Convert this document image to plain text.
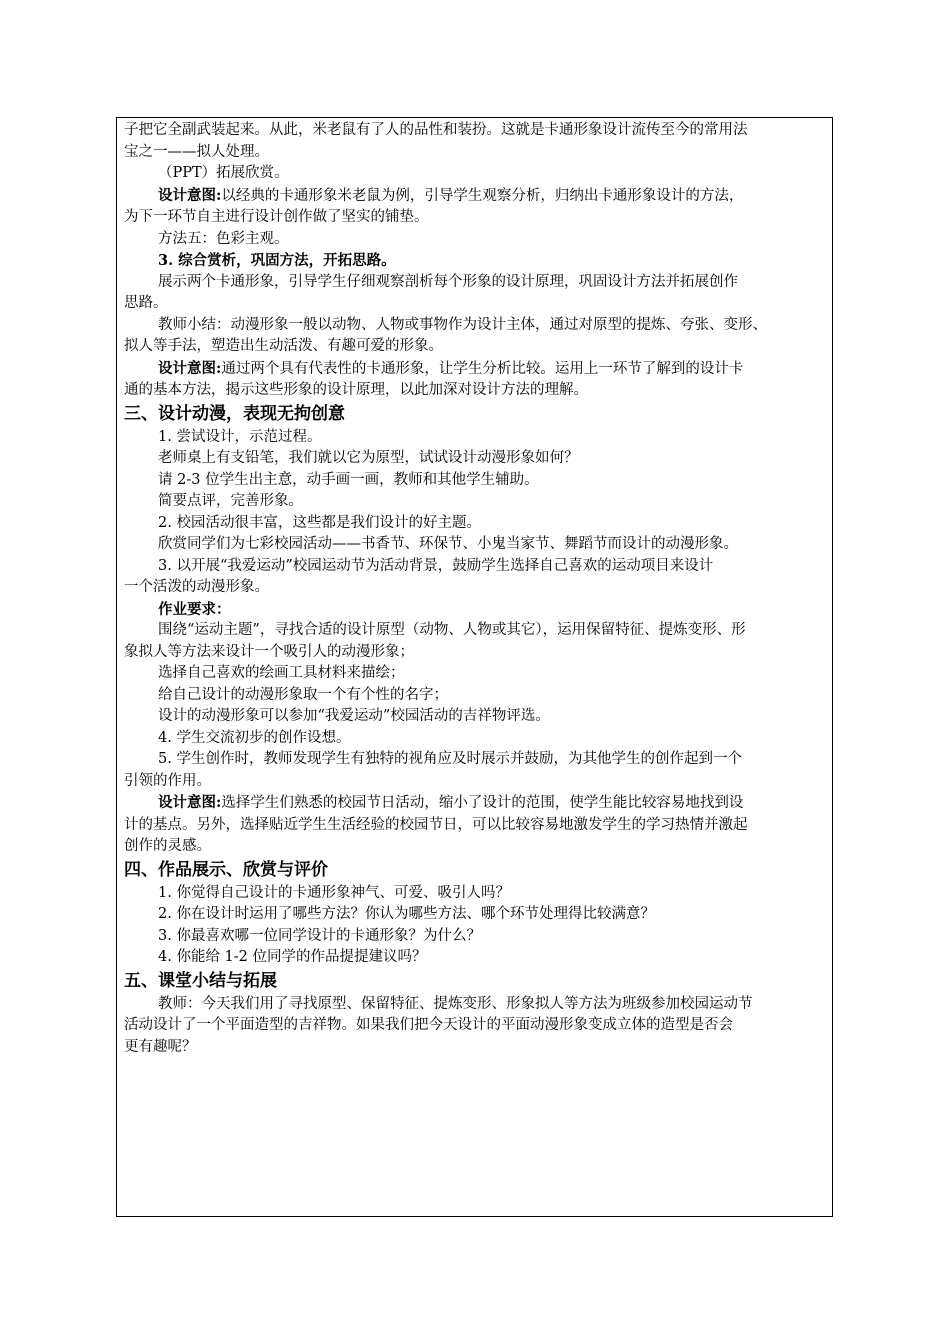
子把它全副武装起来。从此，米老鼠有了人的品性和装扮。这就是卡通形象设计流传至今的常用法

宝之一——拟人处理。

（PPT）拓展欣赏。

设计意图:以经典的卡通形象米老鼠为例，引导学生观察分析，归纳出卡通形象设计的方法，

为下一环节自主进行设计创作做了坚实的铺垫。

方法五：色彩主观。

3. 综合赏析，巩固方法，开拓思路。

展示两个卡通形象，引导学生仔细观察剖析每个形象的设计原理，巩固设计方法并拓展创作

思路。

教师小结：动漫形象一般以动物、人物或事物作为设计主体，通过对原型的提炼、夸张、变形、

拟人等手法，塑造出生动活泼、有趣可爱的形象。

设计意图:通过两个具有代表性的卡通形象，让学生分析比较。运用上一环节了解到的设计卡

通的基本方法，揭示这些形象的设计原理，以此加深对设计方法的理解。

三、设计动漫，表现无拘创意

1. 尝试设计，示范过程。

老师桌上有支铅笔，我们就以它为原型，试试设计动漫形象如何？

请 2-3 位学生出主意，动手画一画，教师和其他学生辅助。

简要点评，完善形象。

2. 校园活动很丰富，这些都是我们设计的好主题。

欣赏同学们为七彩校园活动——书香节、环保节、小鬼当家节、舞蹈节而设计的动漫形象。

3. 以开展“我爱运动”校园运动节为活动背景，鼓励学生选择自己喜欢的运动项目来设计

一个活泼的动漫形象。

作业要求：

围绕“运动主题”，寻找合适的设计原型（动物、人物或其它），运用保留特征、提炼变形、形

象拟人等方法来设计一个吸引人的动漫形象；

选择自己喜欢的绘画工具材料来描绘；

给自己设计的动漫形象取一个有个性的名字；

设计的动漫形象可以参加“我爱运动”校园活动的吉祥物评选。

4. 学生交流初步的创作设想。

5. 学生创作时，教师发现学生有独特的视角应及时展示并鼓励，为其他学生的创作起到一个

引领的作用。

设计意图:选择学生们熟悉的校园节日活动，缩小了设计的范围，使学生能比较容易地找到设

计的基点。另外，选择贴近学生生活经验的校园节日，可以比较容易地激发学生的学习热情并激起

创作的灵感。

四、作品展示、欣赏与评价

1. 你觉得自己设计的卡通形象神气、可爱、吸引人吗？

2. 你在设计时运用了哪些方法？你认为哪些方法、哪个环节处理得比较满意？

3. 你最喜欢哪一位同学设计的卡通形象？为什么？

4. 你能给 1-2 位同学的作品提提建议吗？

五、课堂小结与拓展

教师：今天我们用了寻找原型、保留特征、提炼变形、形象拟人等方法为班级参加校园运动节

活动设计了一个平面造型的吉祥物。如果我们把今天设计的平面动漫形象变成立体的造型是否会

更有趣呢？
